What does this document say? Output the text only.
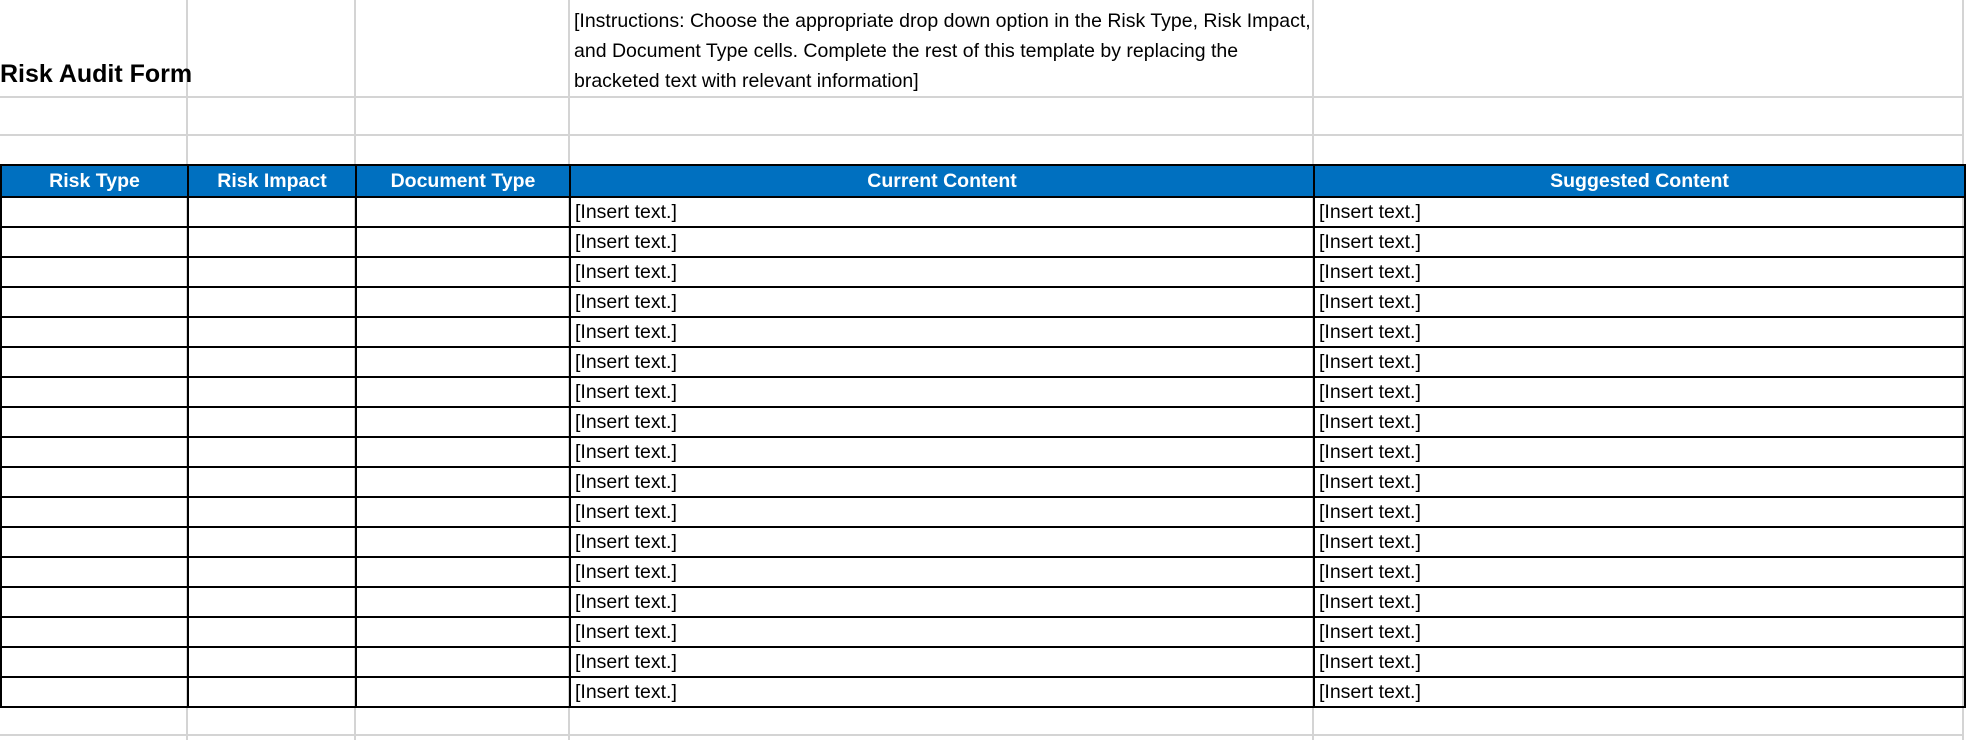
Risk Audit Form
[Instructions: Choose the appropriate drop down option in the Risk Type, Risk Impact, and Document Type cells. Complete the rest of this template by replacing the bracketed text with relevant information]
Risk Type	Risk Impact	Document Type	Current Content	Suggested Content
			[Insert text.]	[Insert text.]
			[Insert text.]	[Insert text.]
			[Insert text.]	[Insert text.]
			[Insert text.]	[Insert text.]
			[Insert text.]	[Insert text.]
			[Insert text.]	[Insert text.]
			[Insert text.]	[Insert text.]
			[Insert text.]	[Insert text.]
			[Insert text.]	[Insert text.]
			[Insert text.]	[Insert text.]
			[Insert text.]	[Insert text.]
			[Insert text.]	[Insert text.]
			[Insert text.]	[Insert text.]
			[Insert text.]	[Insert text.]
			[Insert text.]	[Insert text.]
			[Insert text.]	[Insert text.]
			[Insert text.]	[Insert text.]
